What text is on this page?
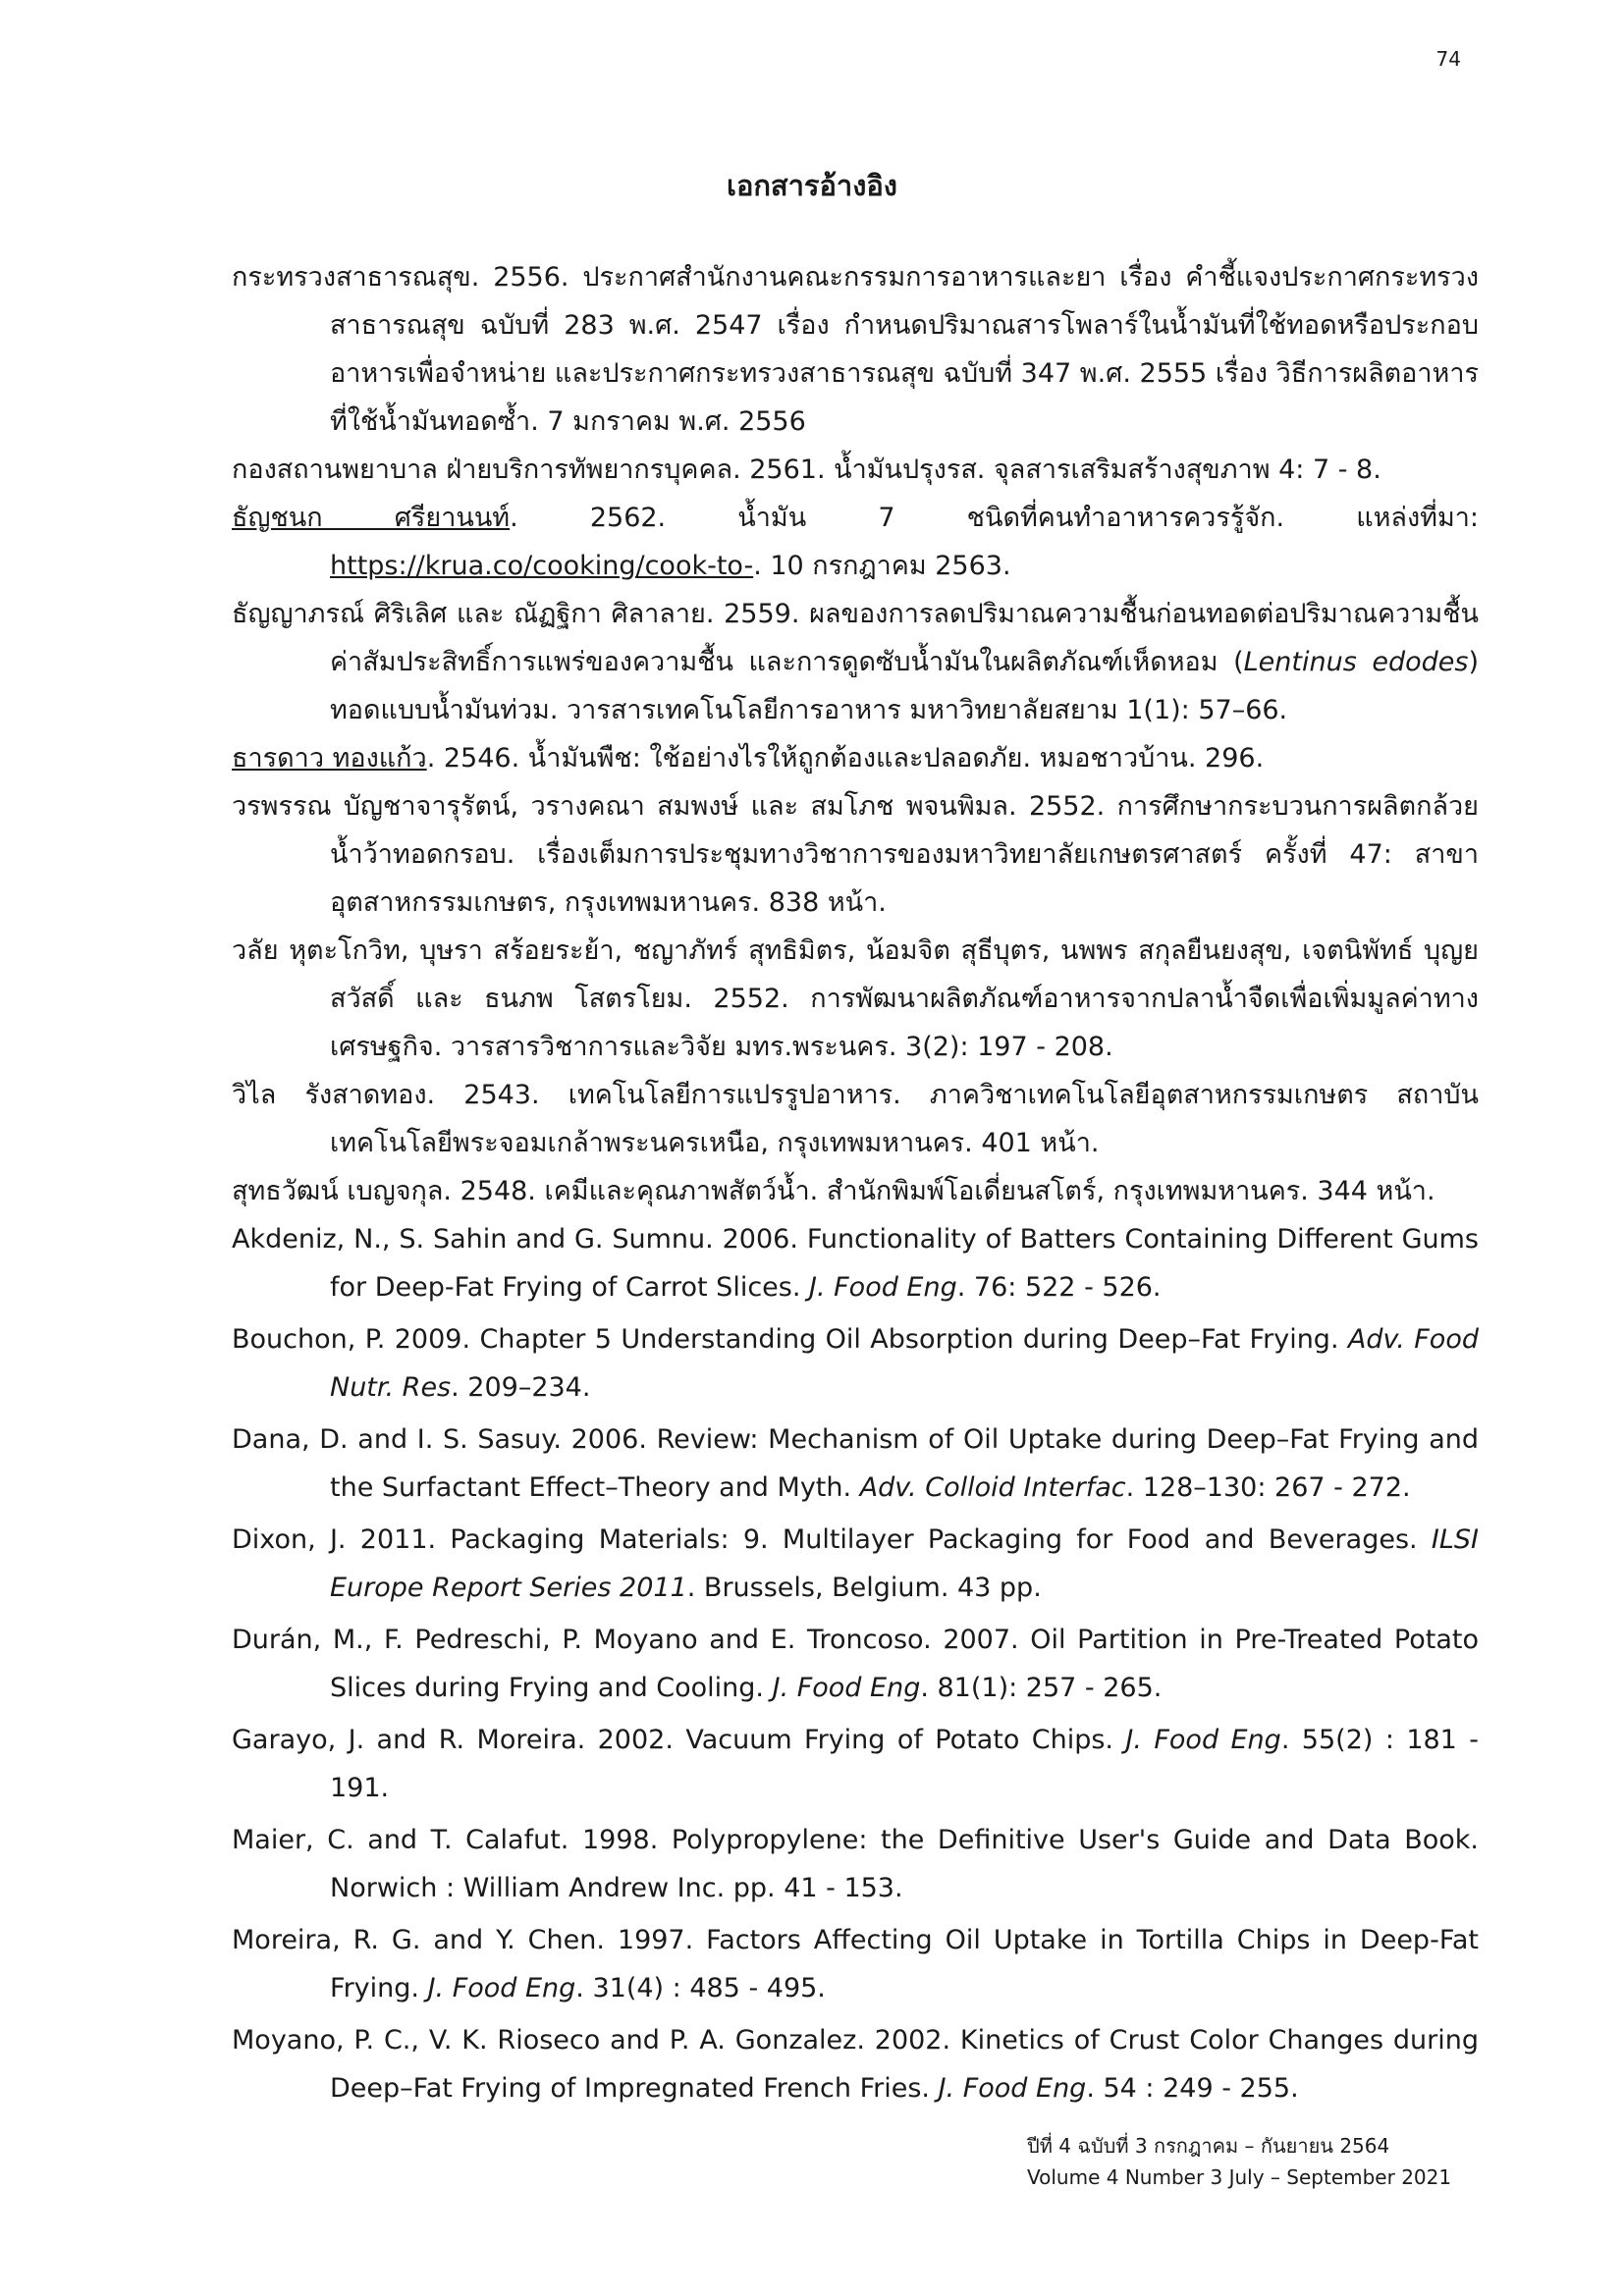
74
เอกสารอ้างอิง
กระทรวงสาธารณสุข. 2556. ประกาศสำนักงานคณะกรรมการอาหารและยา เรื่อง คำชี้แจงประกาศกระทรวงสาธารณสุข ฉบับที่ 283 พ.ศ. 2547 เรื่อง กำหนดปริมาณสารโพลาร์ในน้ำมันที่ใช้ทอดหรือประกอบอาหารเพื่อจำหน่าย และประกาศกระทรวงสาธารณสุข ฉบับที่ 347 พ.ศ. 2555 เรื่อง วิธีการผลิตอาหารที่ใช้น้ำมันทอดซ้ำ. 7 มกราคม พ.ศ. 2556
กองสถานพยาบาล ฝ่ายบริการทัพยากรบุคคล. 2561. น้ำมันปรุงรส. จุลสารเสริมสร้างสุขภาพ 4: 7 - 8.
ธัญชนก ศรียานนท์. 2562. น้ำมัน 7 ชนิดที่คนทำอาหารควรรู้จัก. แหล่งที่มา: https://krua.co/cooking/cook-to-. 10 กรกฎาคม 2563.
ธัญญาภรณ์ ศิริเลิศ และ ณัฏฐิกา ศิลาลาย. 2559. ผลของการลดปริมาณความชื้นก่อนทอดต่อปริมาณความชื้นค่าสัมประสิทธิ์การแพร่ของความชื้น และการดูดซับน้ำมันในผลิตภัณฑ์เห็ดหอม (Lentinus edodes) ทอดแบบน้ำมันท่วม. วารสารเทคโนโลยีการอาหาร มหาวิทยาลัยสยาม 1(1): 57–66.
ธารดาว ทองแก้ว. 2546. น้ำมันพืช: ใช้อย่างไรให้ถูกต้องและปลอดภัย. หมอชาวบ้าน. 296.
วรพรรณ บัญชาจารุรัตน์, วรางคณา สมพงษ์ และ สมโภช พจนพิมล. 2552. การศึกษากระบวนการผลิตกล้วยน้ำว้าทอดกรอบ. เรื่องเต็มการประชุมทางวิชาการของมหาวิทยาลัยเกษตรศาสตร์ ครั้งที่ 47: สาขาอุตสาหกรรมเกษตร, กรุงเทพมหานคร. 838 หน้า.
วลัย หุตะโกวิท, บุษรา สร้อยระย้า, ชญาภัทร์ สุทธิมิตร, น้อมจิต สุธีบุตร, นพพร สกุลยืนยงสุข, เจตนิพัทธ์ บุญยสวัสดิ์ และ ธนภพ โสตรโยม. 2552. การพัฒนาผลิตภัณฑ์อาหารจากปลาน้ำจืดเพื่อเพิ่มมูลค่าทางเศรษฐกิจ. วารสารวิชาการและวิจัย มทร.พระนคร. 3(2): 197 - 208.
วิไล รังสาดทอง. 2543. เทคโนโลยีการแปรรูปอาหาร. ภาควิชาเทคโนโลยีอุตสาหกรรมเกษตร สถาบันเทคโนโลยีพระจอมเกล้าพระนครเหนือ, กรุงเทพมหานคร. 401 หน้า.
สุทธวัฒน์ เบญจกุล. 2548. เคมีและคุณภาพสัตว์น้ำ. สำนักพิมพ์โอเดี่ยนสโตร์, กรุงเทพมหานคร. 344 หน้า.
Akdeniz, N., S. Sahin and G. Sumnu. 2006. Functionality of Batters Containing Different Gums for Deep-Fat Frying of Carrot Slices. J. Food Eng. 76: 522 - 526.
Bouchon, P. 2009. Chapter 5 Understanding Oil Absorption during Deep–Fat Frying. Adv. Food Nutr. Res. 209–234.
Dana, D. and I. S. Sasuy. 2006. Review: Mechanism of Oil Uptake during Deep–Fat Frying and the Surfactant Effect–Theory and Myth. Adv. Colloid Interfac. 128–130: 267 - 272.
Dixon, J. 2011. Packaging Materials: 9. Multilayer Packaging for Food and Beverages. ILSI Europe Report Series 2011. Brussels, Belgium. 43 pp.
Durán, M., F. Pedreschi, P. Moyano and E. Troncoso. 2007. Oil Partition in Pre-Treated Potato Slices during Frying and Cooling. J. Food Eng. 81(1): 257 - 265.
Garayo, J. and R. Moreira. 2002. Vacuum Frying of Potato Chips. J. Food Eng. 55(2) : 181 - 191.
Maier, C. and T. Calafut. 1998. Polypropylene: the Definitive User's Guide and Data Book. Norwich : William Andrew Inc. pp. 41 - 153.
Moreira, R. G. and Y. Chen. 1997. Factors Affecting Oil Uptake in Tortilla Chips in Deep-Fat Frying. J. Food Eng. 31(4) : 485 - 495.
Moyano, P. C., V. K. Rioseco and P. A. Gonzalez. 2002. Kinetics of Crust Color Changes during Deep–Fat Frying of Impregnated French Fries. J. Food Eng. 54 : 249 - 255.
ปีที่ 4 ฉบับที่ 3 กรกฎาคม – กันยายน 2564
Volume 4 Number 3 July – September 2021
